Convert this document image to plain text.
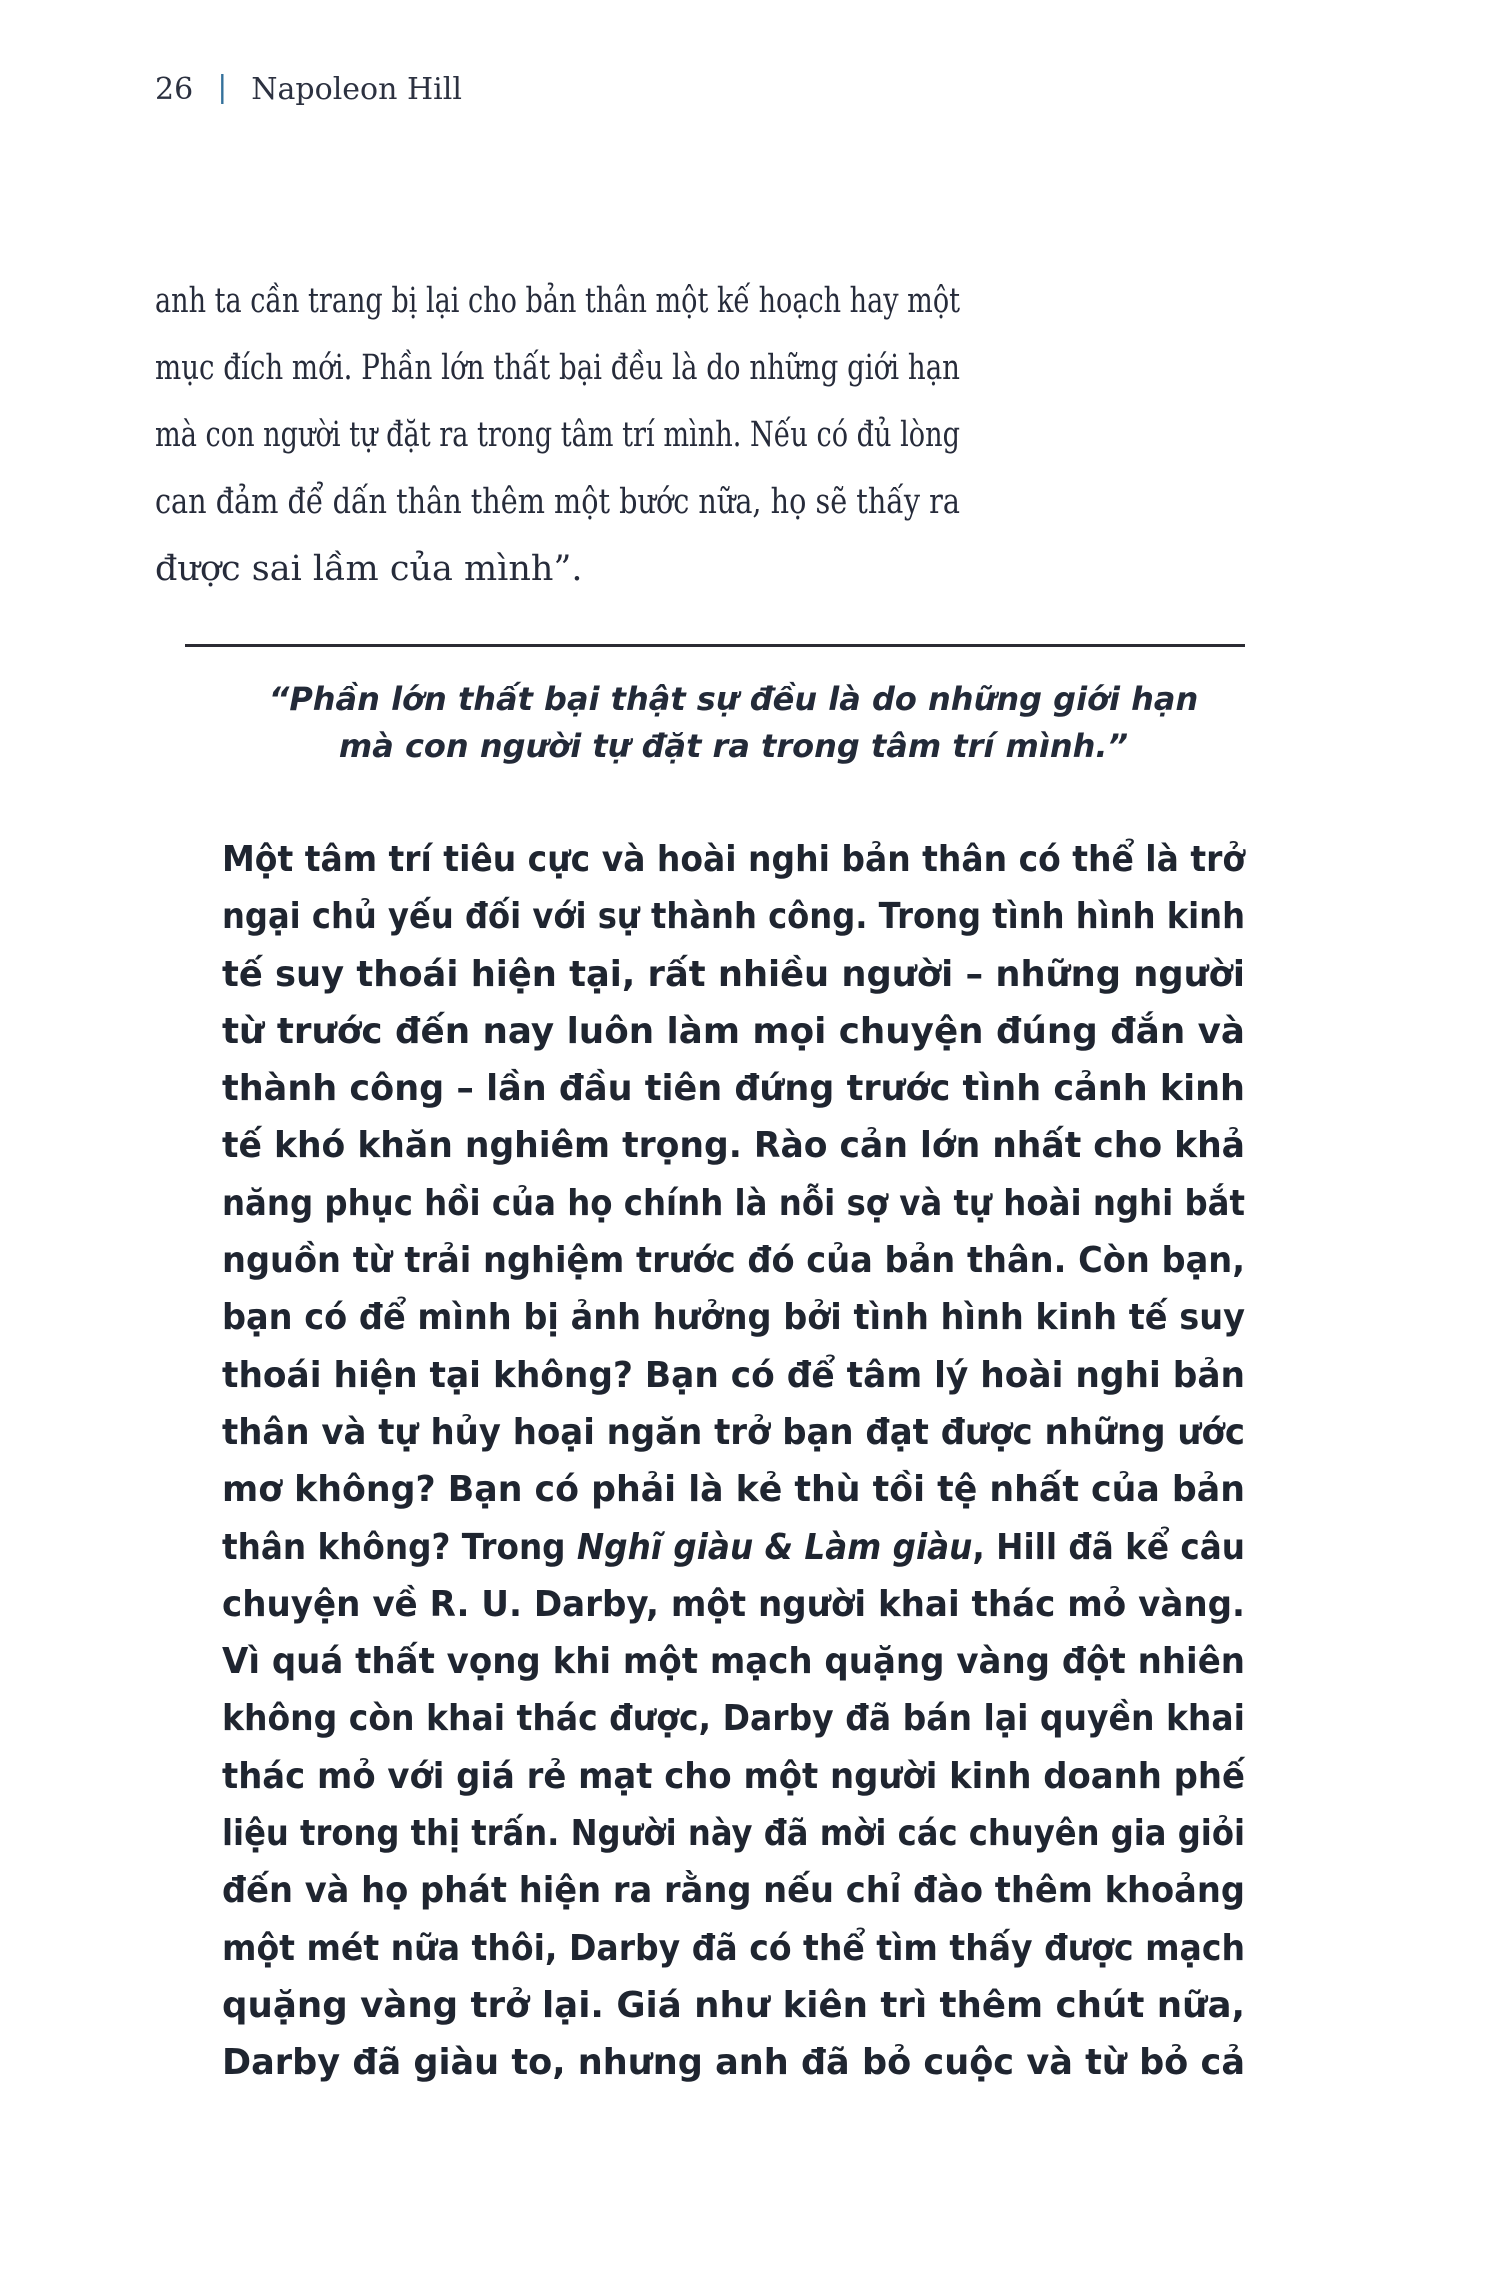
26 | Napoleon Hill
anh ta cần trang bị lại cho bản thân một kế hoạch hay một
mục đích mới. Phần lớn thất bại đều là do những giới hạn
mà con người tự đặt ra trong tâm trí mình. Nếu có đủ lòng
can đảm để dấn thân thêm một bước nữa, họ sẽ thấy ra
được sai lầm của mình”.
“Phần lớn thất bại thật sự đều là do những giới hạn
mà con người tự đặt ra trong tâm trí mình.”
Một tâm trí tiêu cực và hoài nghi bản thân có thể là trở
ngại chủ yếu đối với sự thành công. Trong tình hình kinh
tế suy thoái hiện tại, rất nhiều người – những người
từ trước đến nay luôn làm mọi chuyện đúng đắn và
thành công – lần đầu tiên đứng trước tình cảnh kinh
tế khó khăn nghiêm trọng. Rào cản lớn nhất cho khả
năng phục hồi của họ chính là nỗi sợ và tự hoài nghi bắt
nguồn từ trải nghiệm trước đó của bản thân. Còn bạn,
bạn có để mình bị ảnh hưởng bởi tình hình kinh tế suy
thoái hiện tại không? Bạn có để tâm lý hoài nghi bản
thân và tự hủy hoại ngăn trở bạn đạt được những ước
mơ không? Bạn có phải là kẻ thù tồi tệ nhất của bản
thân không? Trong Nghĩ giàu & Làm giàu, Hill đã kể câu
chuyện về R. U. Darby, một người khai thác mỏ vàng.
Vì quá thất vọng khi một mạch quặng vàng đột nhiên
không còn khai thác được, Darby đã bán lại quyền khai
thác mỏ với giá rẻ mạt cho một người kinh doanh phế
liệu trong thị trấn. Người này đã mời các chuyên gia giỏi
đến và họ phát hiện ra rằng nếu chỉ đào thêm khoảng
một mét nữa thôi, Darby đã có thể tìm thấy được mạch
quặng vàng trở lại. Giá như kiên trì thêm chút nữa,
Darby đã giàu to, nhưng anh đã bỏ cuộc và từ bỏ cả
